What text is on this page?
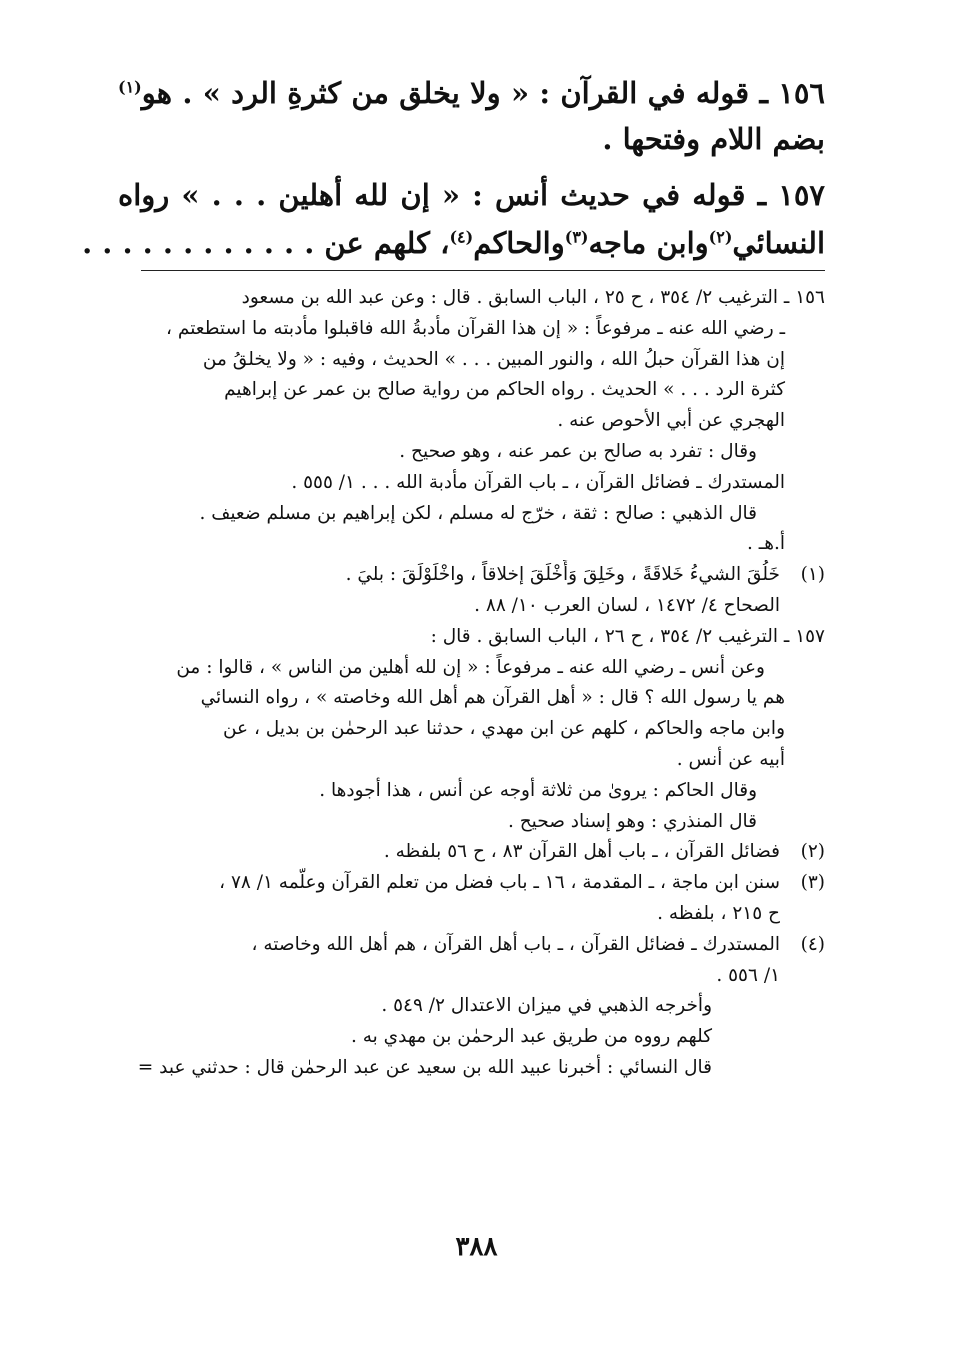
١٥٦ ـ قوله في القرآن : « ولا يخلق من كثرةِ الرد » . هو$^{(١)}$
بضم اللام وفتحها .
١٥٧ ـ قوله في حديث أنس : « إن لله أهلين . . . » رواه
النسائي$^{(٢)}$وابن ماجه$^{(٣)}$والحاكم$^{(٤)}$، كلهم عن . . . . . . . . . . . .
١٥٦ ـ الترغيب ٢/ ٣٥٤ ، ح ٢٥ ، الباب السابق . قال : وعن عبد الله بن مسعود
ـ رضي الله عنه ـ مرفوعاً : « إن هذا القرآن مأدبةُ الله فاقبلوا مأدبته ما استطعتم ،
إن هذا القرآن حبلُ الله ، والنور المبين . . . » الحديث ، وفيه : « ولا يخلقُ من
كثرة الرد . . . » الحديث . رواه الحاكم من رواية صالح بن عمر عن إبراهيم
الهجري عن أبي الأحوص عنه .
وقال : تفرد به صالح بن عمر عنه ، وهو صحيح .
المستدرك ـ فضائل القرآن ، ـ باب القرآن مأدبة الله . . . ١/ ٥٥٥ .
قال الذهبي : صالح : ثقة ، خرّج له مسلم ، لكن إبراهيم بن مسلم ضعيف .
أ.هـ .
(١)
خَلُقَ الشيءُ خَلاقَةً ، وخَلِقَ وَأَخْلَقَ إخلاقاً ، واخْلَوْلَقَ : بليَ .
الصحاح ٤/ ١٤٧٢ ، لسان العرب ١٠/ ٨٨ .
١٥٧ ـ الترغيب ٢/ ٣٥٤ ، ح ٢٦ ، الباب السابق . قال :
وعن أنس ـ رضي الله عنه ـ مرفوعاً : « إن لله أهلين من الناس » ، قالوا : من
هم يا رسول الله ؟ قال : « أهل القرآن هم أهل الله وخاصته » ، رواه النسائي
وابن ماجه والحاكم ، كلهم عن ابن مهدي ، حدثنا عبد الرحمٰن بن بديل ، عن
أبيه عن أنس .
وقال الحاكم : يروىٰ من ثلاثة أوجه عن أنس ، هذا أجودها .
قال المنذري : وهو إسناد صحيح .
(٢)
فضائل القرآن ، ـ باب أهل القرآن ٨٣ ، ح ٥٦ بلفظه .
(٣)
سنن ابن ماجة ، ـ المقدمة ، ١٦ ـ باب فضل من تعلم القرآن وعلّمه ١/ ٧٨ ،
ح ٢١٥ ، بلفظه .
(٤)
المستدرك ـ فضائل القرآن ، ـ باب أهل القرآن ، هم أهل الله وخاصته ،
١/ ٥٥٦ .
وأخرجه الذهبي في ميزان الاعتدال ٢/ ٥٤٩ .
كلهم رووه من طريق عبد الرحمٰن بن مهدي به .
قال النسائي : أخبرنا عبيد الله بن سعيد عن عبد الرحمٰن قال : حدثني عبد =
٣٨٨
